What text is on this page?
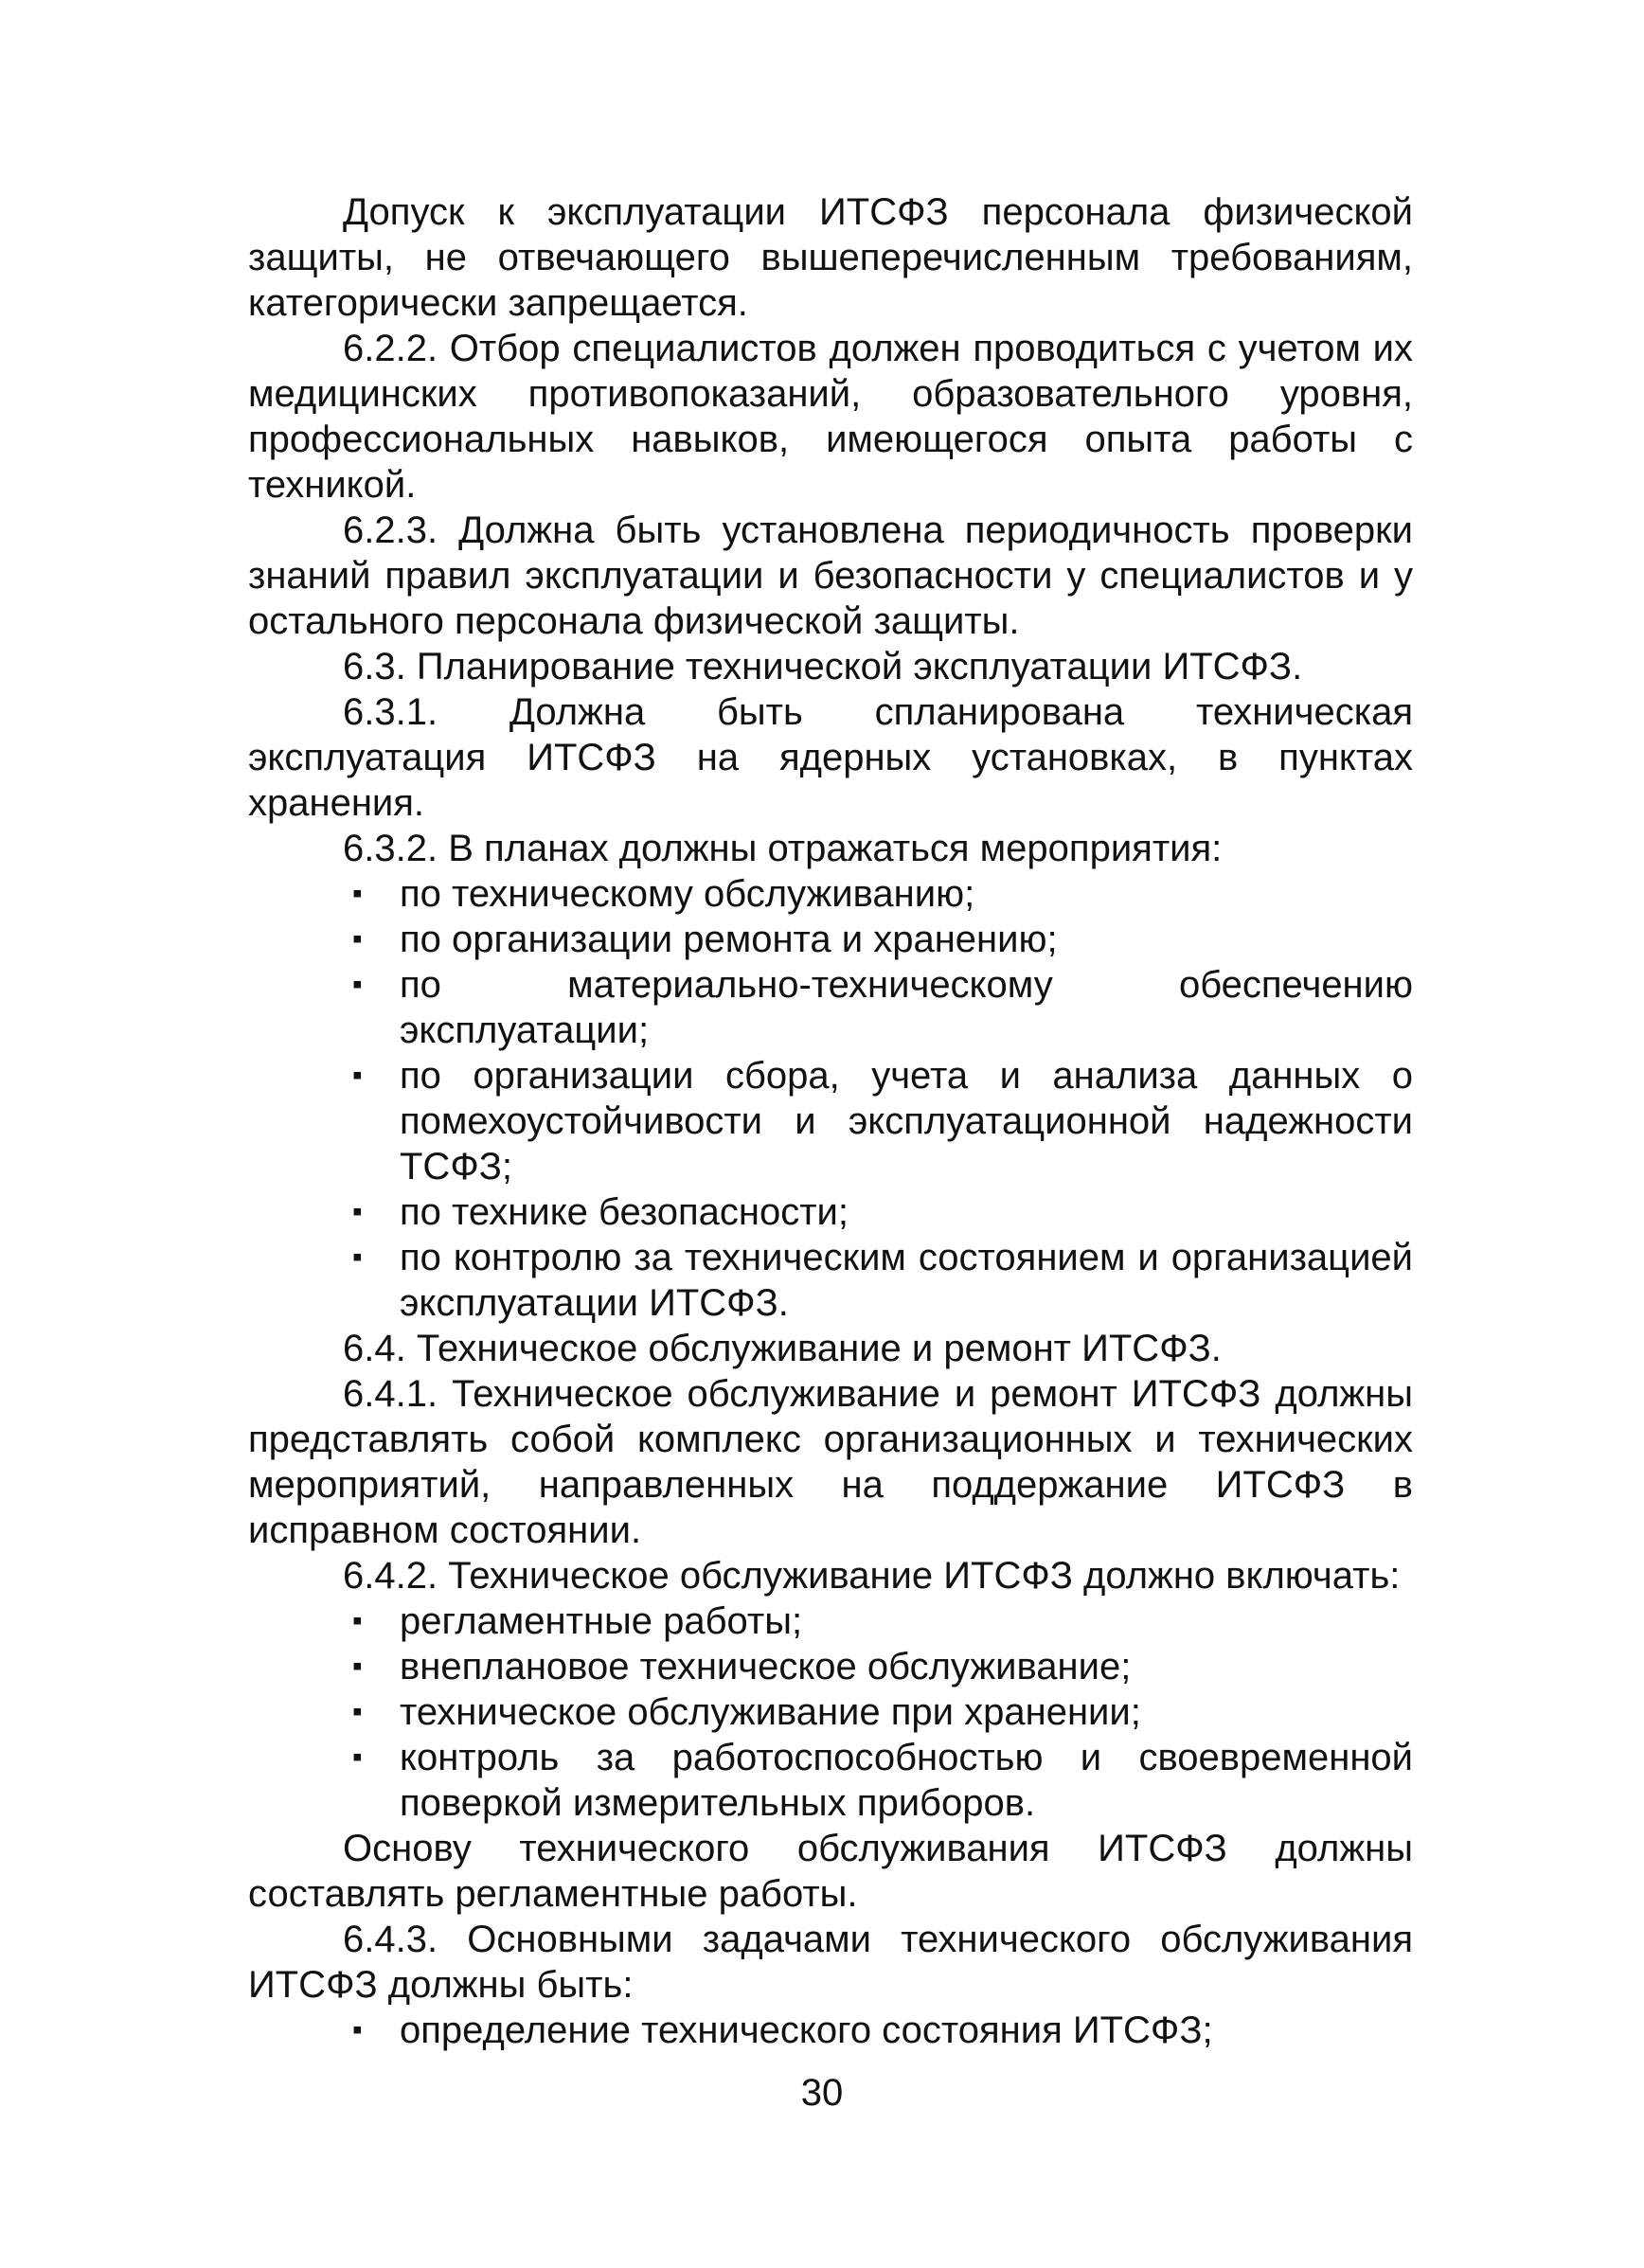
Допуск к эксплуатации ИТСФЗ персонала физической защиты, не отвечающего вышеперечисленным требованиям, категорически запрещается.

6.2.2. Отбор специалистов должен проводиться с учетом их медицинских противопоказаний, образовательного уровня, профессиональных навыков, имеющегося опыта работы с техникой.

6.2.3. Должна быть установлена периодичность проверки знаний правил эксплуатации и безопасности у специалистов и у остального персонала физической защиты.

6.3. Планирование технической эксплуатации ИТСФЗ.

6.3.1. Должна быть спланирована техническая эксплуатация ИТСФЗ на ядерных установках, в пунктах хранения.

6.3.2. В планах должны отражаться мероприятия:

▪ по техническому обслуживанию;
▪ по организации ремонта и хранению;
▪ по материально-техническому обеспечению эксплуатации;
▪ по организации сбора, учета и анализа данных о помехоустойчивости и эксплуатационной надежности ТСФЗ;
▪ по технике безопасности;
▪ по контролю за техническим состоянием и организацией эксплуатации ИТСФЗ.

6.4. Техническое обслуживание и ремонт ИТСФЗ.

6.4.1. Техническое обслуживание и ремонт ИТСФЗ должны представлять собой комплекс организационных и технических мероприятий, направленных на поддержание ИТСФЗ в исправном состоянии.

6.4.2. Техническое обслуживание ИТСФЗ должно включать:

▪ регламентные работы;
▪ внеплановое техническое обслуживание;
▪ техническое обслуживание при хранении;
▪ контроль за работоспособностью и своевременной поверкой измерительных приборов.

Основу технического обслуживания ИТСФЗ должны составлять регламентные работы.

6.4.3. Основными задачами технического обслуживания ИТСФЗ должны быть:

▪ определение технического состояния ИТСФЗ;
30
